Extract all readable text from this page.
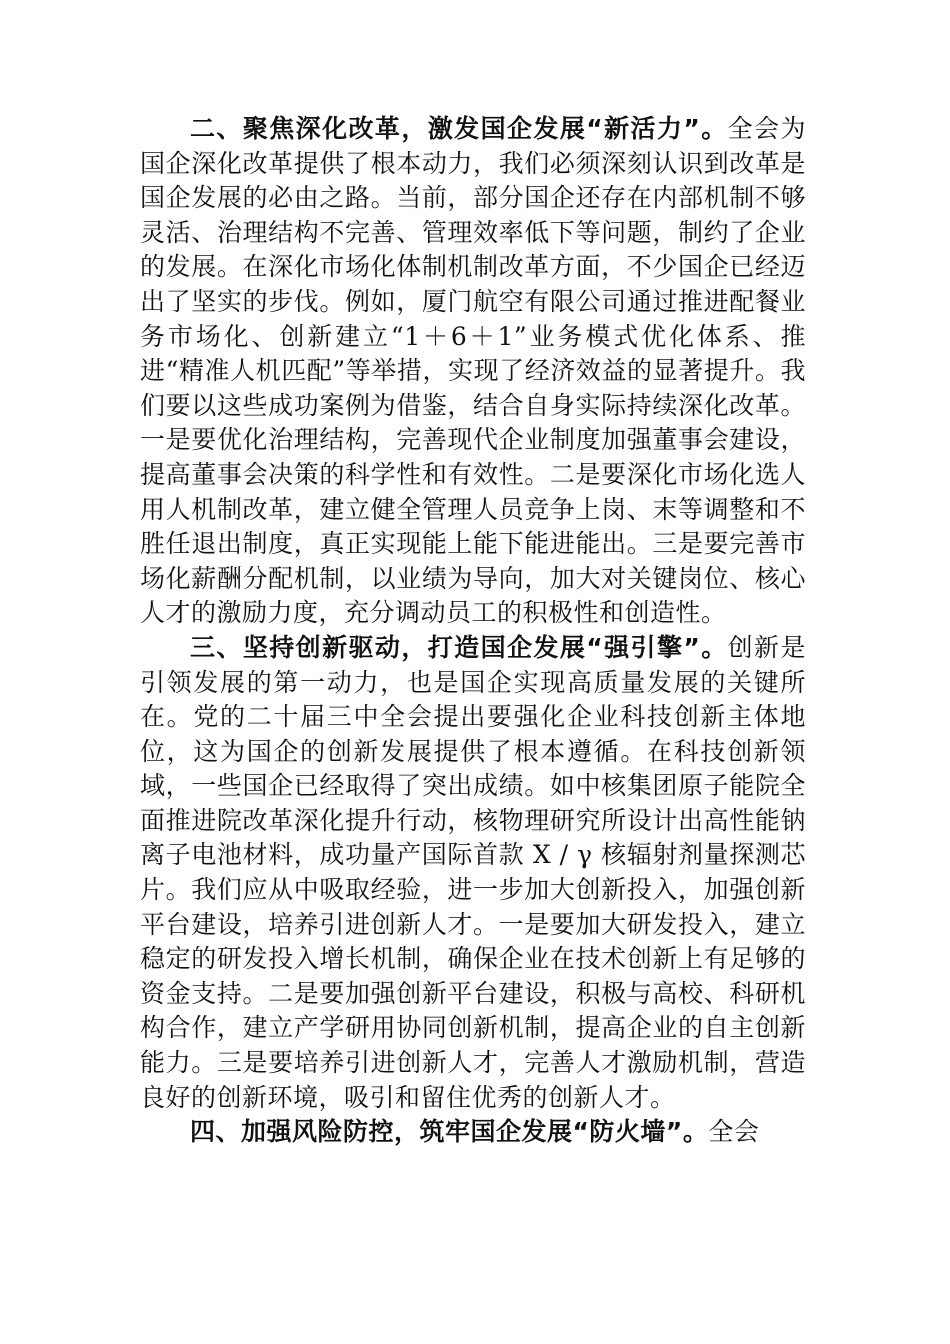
二、聚焦深化改革，激发国企发展“新活力”。全会为国企深化改革提供了根本动力，我们必须深刻认识到改革是国企发展的必由之路。当前，部分国企还存在内部机制不够灵活、治理结构不完善、管理效率低下等问题，制约了企业的发展。在深化市场化体制机制改革方面，不少国企已经迈出了坚实的步伐。例如，厦门航空有限公司通过推进配餐业务市场化、创新建立“1＋6＋1”业务模式优化体系、推进“精准人机匹配”等举措，实现了经济效益的显著提升。我们要以这些成功案例为借鉴，结合自身实际持续深化改革。一是要优化治理结构，完善现代企业制度加强董事会建设，提高董事会决策的科学性和有效性。二是要深化市场化选人用人机制改革，建立健全管理人员竞争上岗、末等调整和不胜任退出制度，真正实现能上能下能进能出。三是要完善市场化薪酬分配机制，以业绩为导向，加大对关键岗位、核心人才的激励力度，充分调动员工的积极性和创造性。

三、坚持创新驱动，打造国企发展“强引擎”。创新是引领发展的第一动力，也是国企实现高质量发展的关键所在。党的二十届三中全会提出要强化企业科技创新主体地位，这为国企的创新发展提供了根本遵循。在科技创新领域，一些国企已经取得了突出成绩。如中核集团原子能院全面推进院改革深化提升行动，核物理研究所设计出高性能钠离子电池材料，成功量产国际首款 X / γ 核辐射剂量探测芯片。我们应从中吸取经验，进一步加大创新投入，加强创新平台建设，培养引进创新人才。一是要加大研发投入，建立稳定的研发投入增长机制，确保企业在技术创新上有足够的资金支持。二是要加强创新平台建设，积极与高校、科研机构合作，建立产学研用协同创新机制，提高企业的自主创新能力。三是要培养引进创新人才，完善人才激励机制，营造良好的创新环境，吸引和留住优秀的创新人才。

四、加强风险防控，筑牢国企发展“防火墙”。全会
